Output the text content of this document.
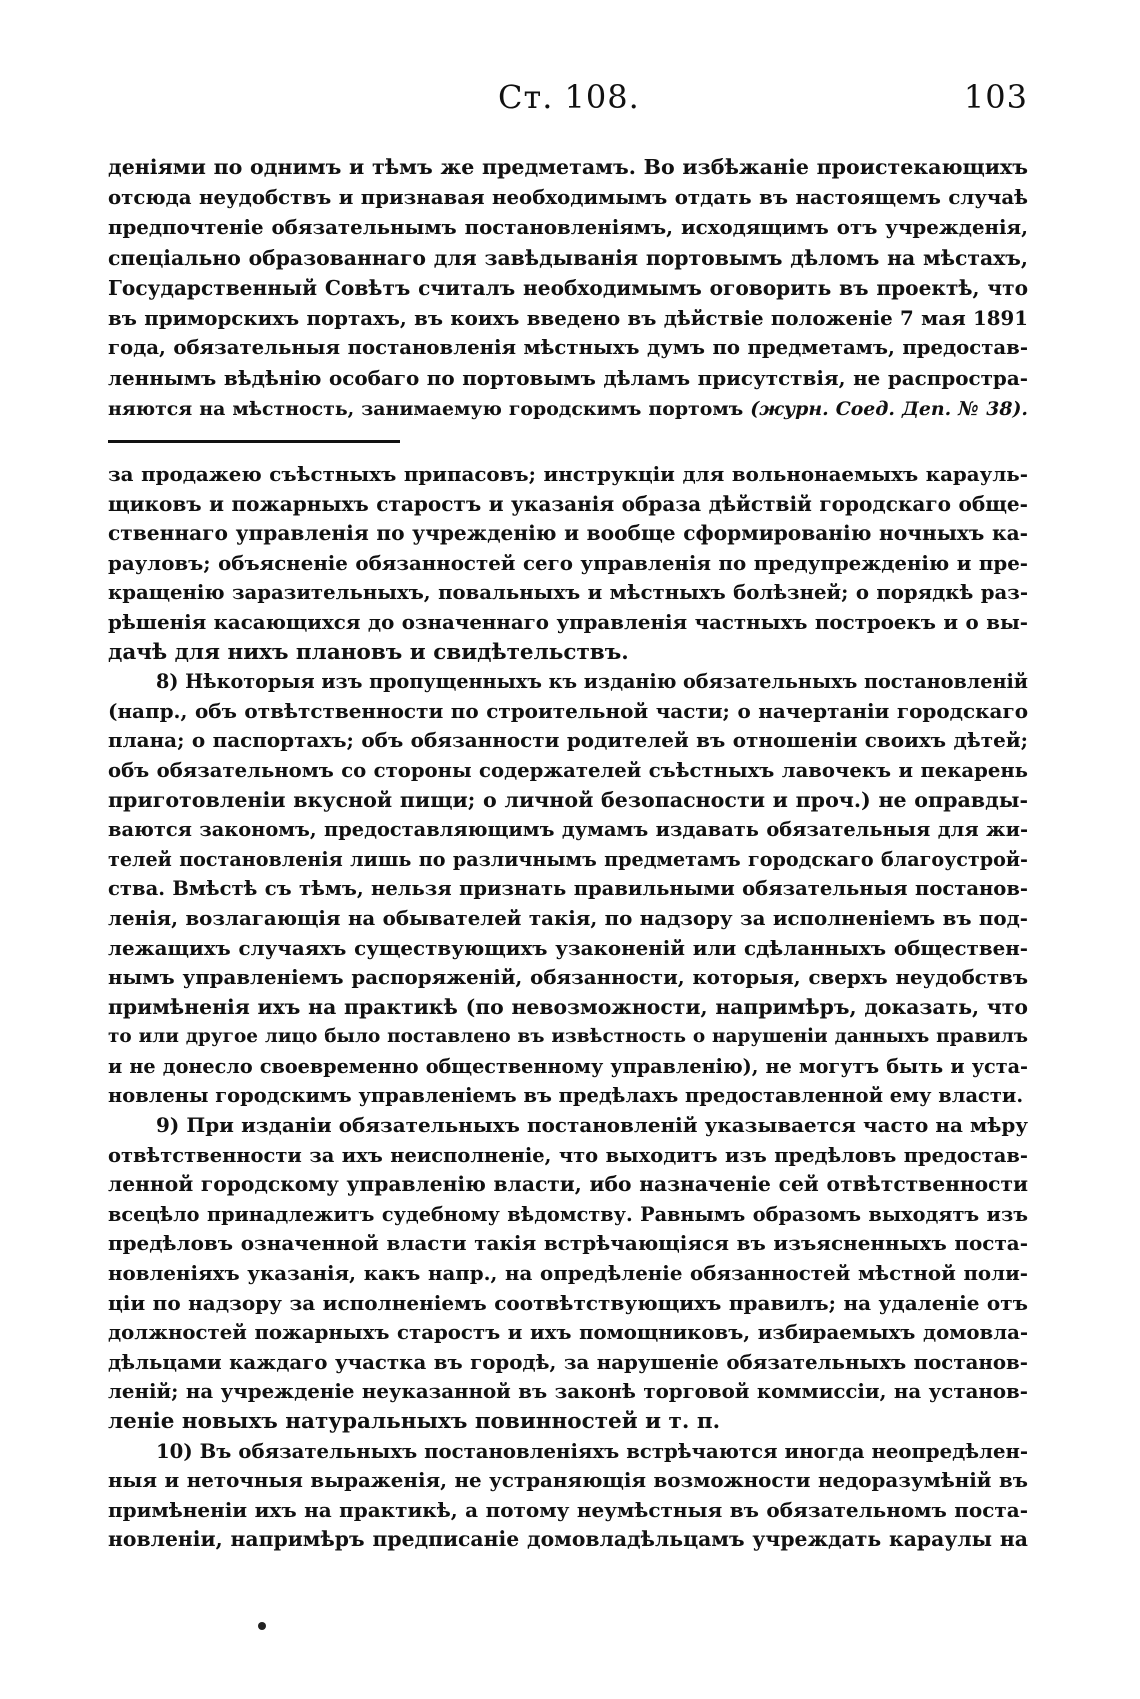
Ст. 108.	103
деніями по однимъ и тѣмъ же предметамъ. Во избѣжаніе проистекающихъ
отсюда неудобствъ и признавая необходимымъ отдать въ настоящемъ случаѣ
предпочтеніе обязательнымъ постановленіямъ, исходящимъ отъ учрежденія,
спеціально образованнаго для завѣдыванія портовымъ дѣломъ на мѣстахъ,
Государственный Совѣтъ считалъ необходимымъ оговорить въ проектѣ, что
въ приморскихъ портахъ, въ коихъ введено въ дѣйствіе положеніе 7 мая 1891
года, обязательныя постановленія мѣстныхъ думъ по предметамъ, предостав-
леннымъ вѣдѣнію особаго по портовымъ дѣламъ присутствія, не распростра-
няются на мѣстность, занимаемую городскимъ портомъ (журн. Соед. Деп. № 38).
за продажею съѣстныхъ припасовъ; инструкціи для вольнонаемыхъ карауль-
щиковъ и пожарныхъ старостъ и указанія образа дѣйствій городскаго обще-
ственнаго управленія по учрежденію и вообще сформированію ночныхъ ка-
рауловъ; объясненіе обязанностей сего управленія по предупрежденію и пре-
кращенію заразительныхъ, повальныхъ и мѣстныхъ болѣзней; о порядкѣ раз-
рѣшенія касающихся до означеннаго управленія частныхъ построекъ и о вы-
дачѣ для нихъ плановъ и свидѣтельствъ.
8) Нѣкоторыя изъ пропущенныхъ къ изданію обязательныхъ постановленій
(напр., объ отвѣтственности по строительной части; о начертаніи городскаго
плана; о паспортахъ; объ обязанности родителей въ отношеніи своихъ дѣтей;
объ обязательномъ со стороны содержателей съѣстныхъ лавочекъ и пекарень
приготовленіи вкусной пищи; о личной безопасности и проч.) не оправды-
ваются закономъ, предоставляющимъ думамъ издавать обязательныя для жи-
телей постановленія лишь по различнымъ предметамъ городскаго благоустрой-
ства. Вмѣстѣ съ тѣмъ, нельзя признать правильными обязательныя постанов-
ленія, возлагающія на обывателей такія, по надзору за исполненіемъ въ под-
лежащихъ случаяхъ существующихъ узаконеній или сдѣланныхъ обществен-
нымъ управленіемъ распоряженій, обязанности, которыя, сверхъ неудобствъ
примѣненія ихъ на практикѣ (по невозможности, напримѣръ, доказать, что
то или другое лицо было поставлено въ извѣстность о нарушеніи данныхъ правилъ
и не донесло своевременно общественному управленію), не могутъ быть и уста-
новлены городскимъ управленіемъ въ предѣлахъ предоставленной ему власти.
9) При изданіи обязательныхъ постановленій указывается часто на мѣру
отвѣтственности за ихъ неисполненіе, что выходитъ изъ предѣловъ предостав-
ленной городскому управленію власти, ибо назначеніе сей отвѣтственности
всецѣло принадлежитъ судебному вѣдомству. Равнымъ образомъ выходятъ изъ
предѣловъ означенной власти такія встрѣчающіяся въ изъясненныхъ поста-
новленіяхъ указанія, какъ напр., на опредѣленіе обязанностей мѣстной поли-
ціи по надзору за исполненіемъ соотвѣтствующихъ правилъ; на удаленіе отъ
должностей пожарныхъ старостъ и ихъ помощниковъ, избираемыхъ домовла-
дѣльцами каждаго участка въ городѣ, за нарушеніе обязательныхъ постанов-
леній; на учрежденіе неуказанной въ законѣ торговой коммиссіи, на установ-
леніе новыхъ натуральныхъ повинностей и т. п.
10) Въ обязательныхъ постановленіяхъ встрѣчаются иногда неопредѣлен-
ныя и неточныя выраженія, не устраняющія возможности недоразумѣній въ
примѣненіи ихъ на практикѣ, а потому неумѣстныя въ обязательномъ поста-
новленіи, напримѣръ предписаніе домовладѣльцамъ учреждать караулы на
